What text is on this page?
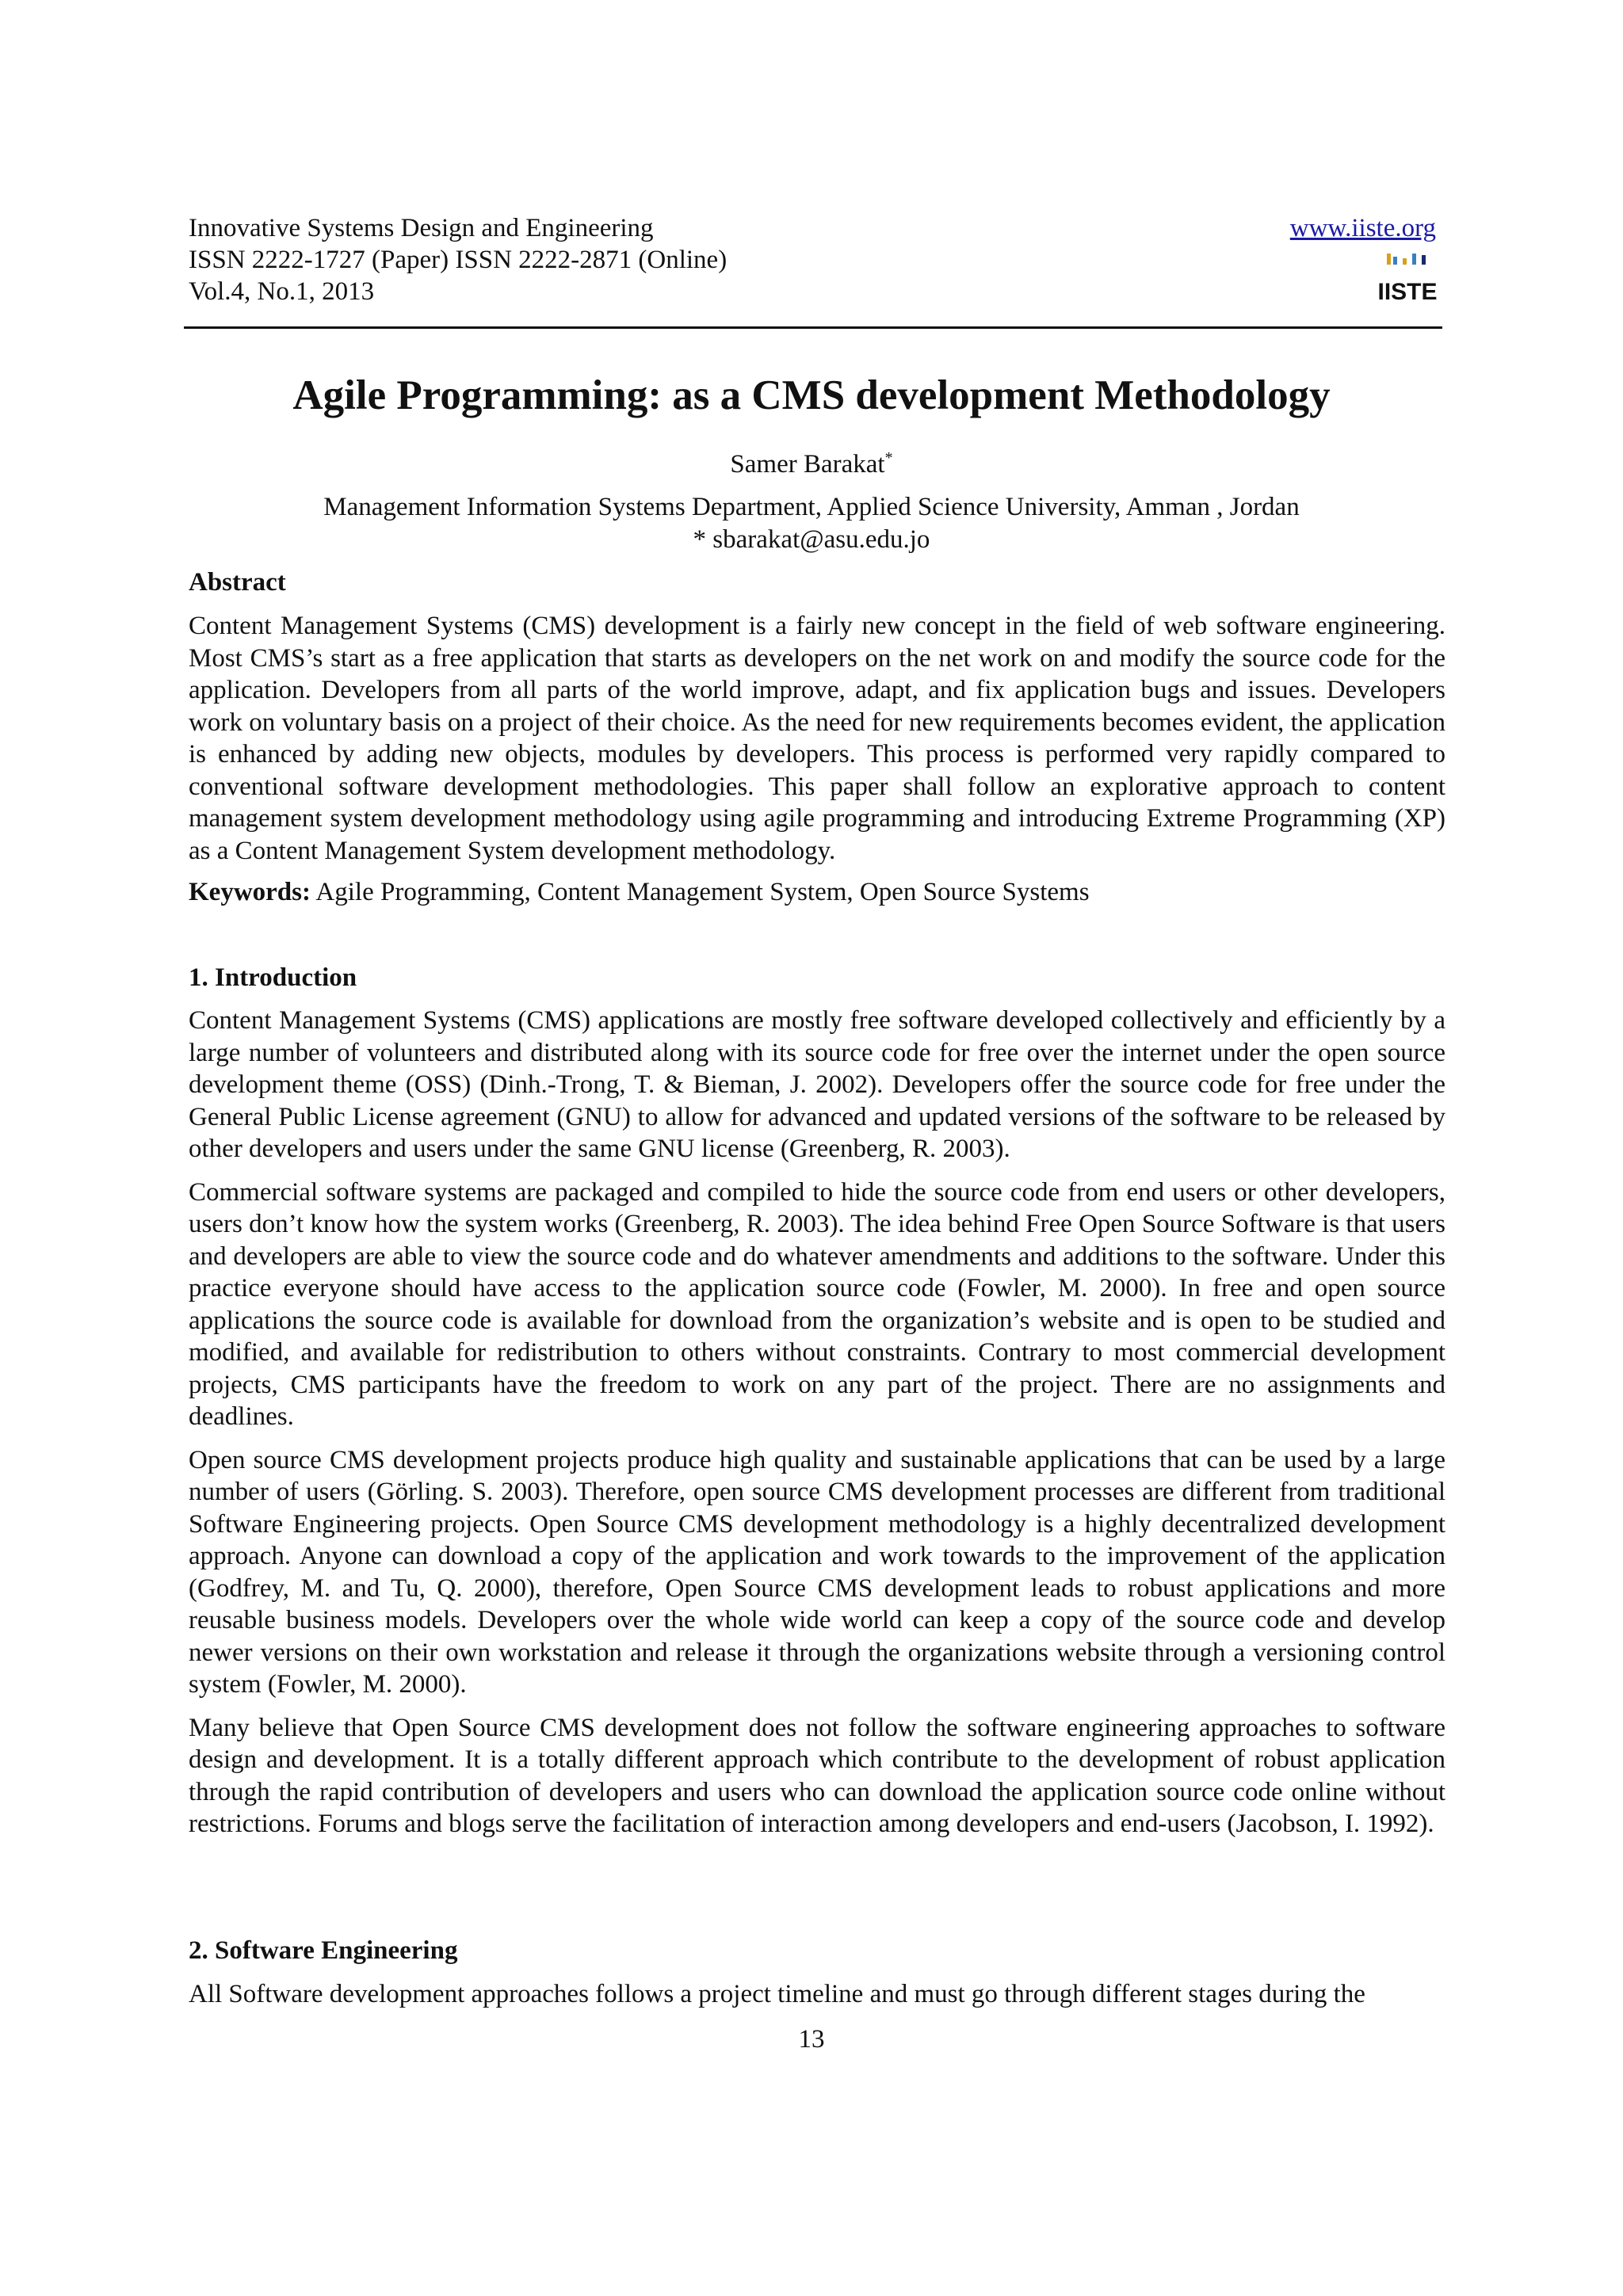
Innovative Systems Design and Engineering
ISSN 2222-1727 (Paper) ISSN 2222-2871 (Online)
Vol.4, No.1, 2013
www.iiste.org
IISTE
Agile Programming: as a CMS development Methodology
Samer Barakat*
Management Information Systems Department, Applied Science University, Amman , Jordan
* sbarakat@asu.edu.jo
Abstract

Content Management Systems (CMS) development is a fairly new concept in the field of web software engineering. Most CMS’s start as a free application that starts as developers on the net work on and modify the source code for the application. Developers from all parts of the world improve, adapt, and fix application bugs and issues. Developers work on voluntary basis on a project of their choice. As the need for new requirements becomes evident, the application is enhanced by adding new objects, modules by developers. This process is performed very rapidly compared to conventional software development methodologies. This paper shall follow an explorative approach to content management system development methodology using agile programming and introducing Extreme Programming (XP) as a Content Management System development methodology.

Keywords: Agile Programming, Content Management System, Open Source Systems
1. Introduction

Content Management Systems (CMS) applications are mostly free software developed collectively and efficiently by a large number of volunteers and distributed along with its source code for free over the internet under the open source development theme (OSS) (Dinh.-Trong, T. & Bieman, J. 2002). Developers offer the source code for free under the General Public License agreement (GNU) to allow for advanced and updated versions of the software to be released by other developers and users under the same GNU license (Greenberg, R. 2003).

Commercial software systems are packaged and compiled to hide the source code from end users or other developers, users don’t know how the system works (Greenberg, R. 2003). The idea behind Free Open Source Software is that users and developers are able to view the source code and do whatever amendments and additions to the software. Under this practice everyone should have access to the application source code (Fowler, M. 2000). In free and open source applications the source code is available for download from the organization’s website and is open to be studied and modified, and available for redistribution to others without constraints. Contrary to most commercial development projects, CMS participants have the freedom to work on any part of the project. There are no assignments and deadlines.

Open source CMS development projects produce high quality and sustainable applications that can be used by a large number of users (Görling. S. 2003). Therefore, open source CMS development processes are different from traditional Software Engineering projects. Open Source CMS development methodology is a highly decentralized development approach. Anyone can download a copy of the application and work towards to the improvement of the application (Godfrey, M. and Tu, Q. 2000), therefore, Open Source CMS development leads to robust applications and more reusable business models. Developers over the whole wide world can keep a copy of the source code and develop newer versions on their own workstation and release it through the organizations website through a versioning control system (Fowler, M. 2000).

Many believe that Open Source CMS development does not follow the software engineering approaches to software design and development. It is a totally different approach which contribute to the development of robust application through the rapid contribution of developers and users who can download the application source code online without restrictions. Forums and blogs serve the facilitation of interaction among developers and end-users (Jacobson, I. 1992).

2. Software Engineering

All Software development approaches follows a project timeline and must go through different stages during the

13
